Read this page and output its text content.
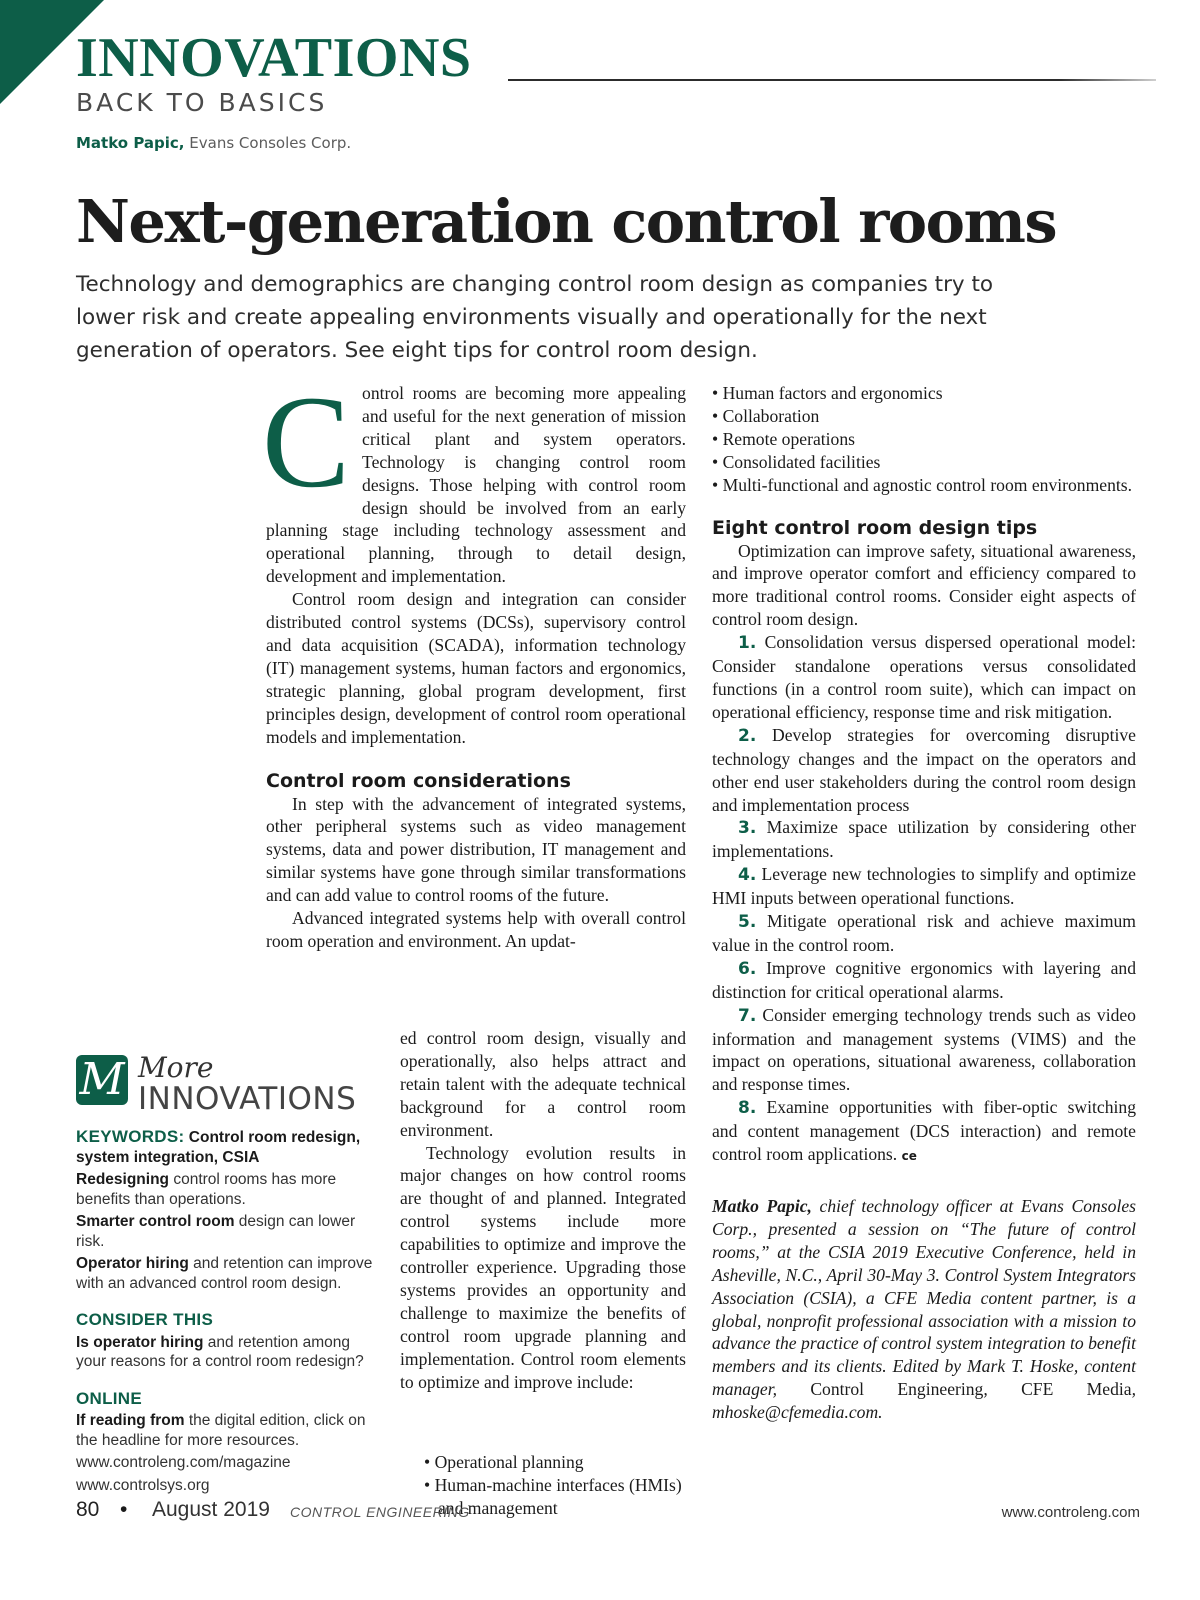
INNOVATIONS
BACK TO BASICS
Matko Papic, Evans Consoles Corp.
Next-generation control rooms
Technology and demographics are changing control room design as companies try to lower risk and create appealing environments visually and operationally for the next generation of operators. See eight tips for control room design.

Control rooms are becoming more appealing and useful for the next generation of mission critical plant and system operators. Technology is changing control room designs. Those helping with control room design should be involved from an early planning stage including technology assessment and operational planning, through to detail design, development and implementation.

Control room design and integration can consider distributed control systems (DCSs), supervisory control and data acquisition (SCADA), information technology (IT) management systems, human factors and ergonomics, strategic planning, global program development, first principles design, development of control room operational models and implementation.

Control room considerations

In step with the advancement of integrated systems, other peripheral systems such as video management systems, data and power distribution, IT management and similar systems have gone through similar transformations and can add value to control rooms of the future.

Advanced integrated systems help with overall control room operation and environment. An updat-

ed control room design, visually and operationally, also helps attract and retain talent with the adequate technical background for a control room environment.

Technology evolution results in major changes on how control rooms are thought of and planned. Integrated control systems include more capabilities to optimize and improve the controller experience. Upgrading those systems provides an opportunity and challenge to maximize the benefits of control room upgrade planning and implementation. Control room elements to optimize and improve include:

• Operational planning
• Human-machine interfaces (HMIs) and management
• Human factors and ergonomics
• Collaboration
• Remote operations
• Consolidated facilities
• Multi-functional and agnostic control room environments.
Eight control room design tips

Optimization can improve safety, situational awareness, and improve operator comfort and efficiency compared to more traditional control rooms. Consider eight aspects of control room design.

1. Consolidation versus dispersed operational model: Consider standalone operations versus consolidated functions (in a control room suite), which can impact on operational efficiency, response time and risk mitigation.

2. Develop strategies for overcoming disruptive technology changes and the impact on the operators and other end user stakeholders during the control room design and implementation process

3. Maximize space utilization by considering other implementations.

4. Leverage new technologies to simplify and optimize HMI inputs between operational functions.

5. Mitigate operational risk and achieve maximum value in the control room.

6. Improve cognitive ergonomics with layering and distinction for critical operational alarms.

7. Consider emerging technology trends such as video information and management systems (VIMS) and the impact on operations, situational awareness, collaboration and response times.

8. Examine opportunities with fiber-optic switching and content management (DCS interaction) and remote control room applications. ce

Matko Papic, chief technology officer at Evans Consoles Corp., presented a session on “The future of control rooms,” at the CSIA 2019 Executive Conference, held in Asheville, N.C., April 30-May 3. Control System Integrators Association (CSIA), a CFE Media content partner, is a global, nonprofit professional association with a mission to advance the practice of control system integration to benefit members and its clients. Edited by Mark T. Hoske, content manager, Control Engineering, CFE Media, mhoske@cfemedia.com.

M More
INNOVATIONS

KEYWORDS: Control room redesign, system integration, CSIA

Redesigning control rooms has more benefits than operations.

Smarter control room design can lower risk.

Operator hiring and retention can improve with an advanced control room design.

CONSIDER THIS

Is operator hiring and retention among your reasons for a control room redesign?

ONLINE

If reading from the digital edition, click on the headline for more resources.

www.controleng.com/magazine

www.controlsys.org

80 • August 2019 CONTROL ENGINEERING	www.controleng.com
